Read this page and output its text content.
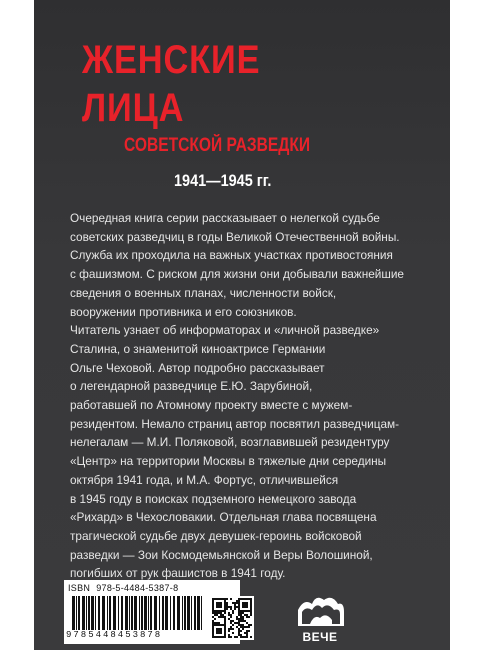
ЖЕНСКИЕ
ЛИЦА
СОВЕТСКОЙ РАЗВЕДКИ
1941—1945 гг.
Очередная книга серии рассказывает о нелегкой судьбе
советских разведчиц в годы Великой Отечественной войны.
Служба их проходила на важных участках противостояния
с фашизмом. С риском для жизни они добывали важнейшие
сведения о военных планах, численности войск,
вооружении противника и его союзников.
Читатель узнает об информаторах и «личной разведке»
Сталина, о знаменитой киноактрисе Германии
Ольге Чеховой. Автор подробно рассказывает
о легендарной разведчице Е.Ю. Зарубиной,
работавшей по Атомному проекту вместе с мужем-
резидентом. Немало страниц автор посвятил разведчицам-
нелегалам — М.И. Поляковой, возглавившей резидентуру
«Центр» на территории Москвы в тяжелые дни середины
октября 1941 года, и М.А. Фортус, отличившейся
в 1945 году в поисках подземного немецкого завода
«Рихард» в Чехословакии. Отдельная глава посвящена
трагической судьбе двух девушек-героинь войсковой
разведки — Зои Космодемьянской и Веры Волошиной,
погибших от рук фашистов в 1941 году.
ISBN 978-5-4484-5387-8
9785448453878	ВЕЧЕ
